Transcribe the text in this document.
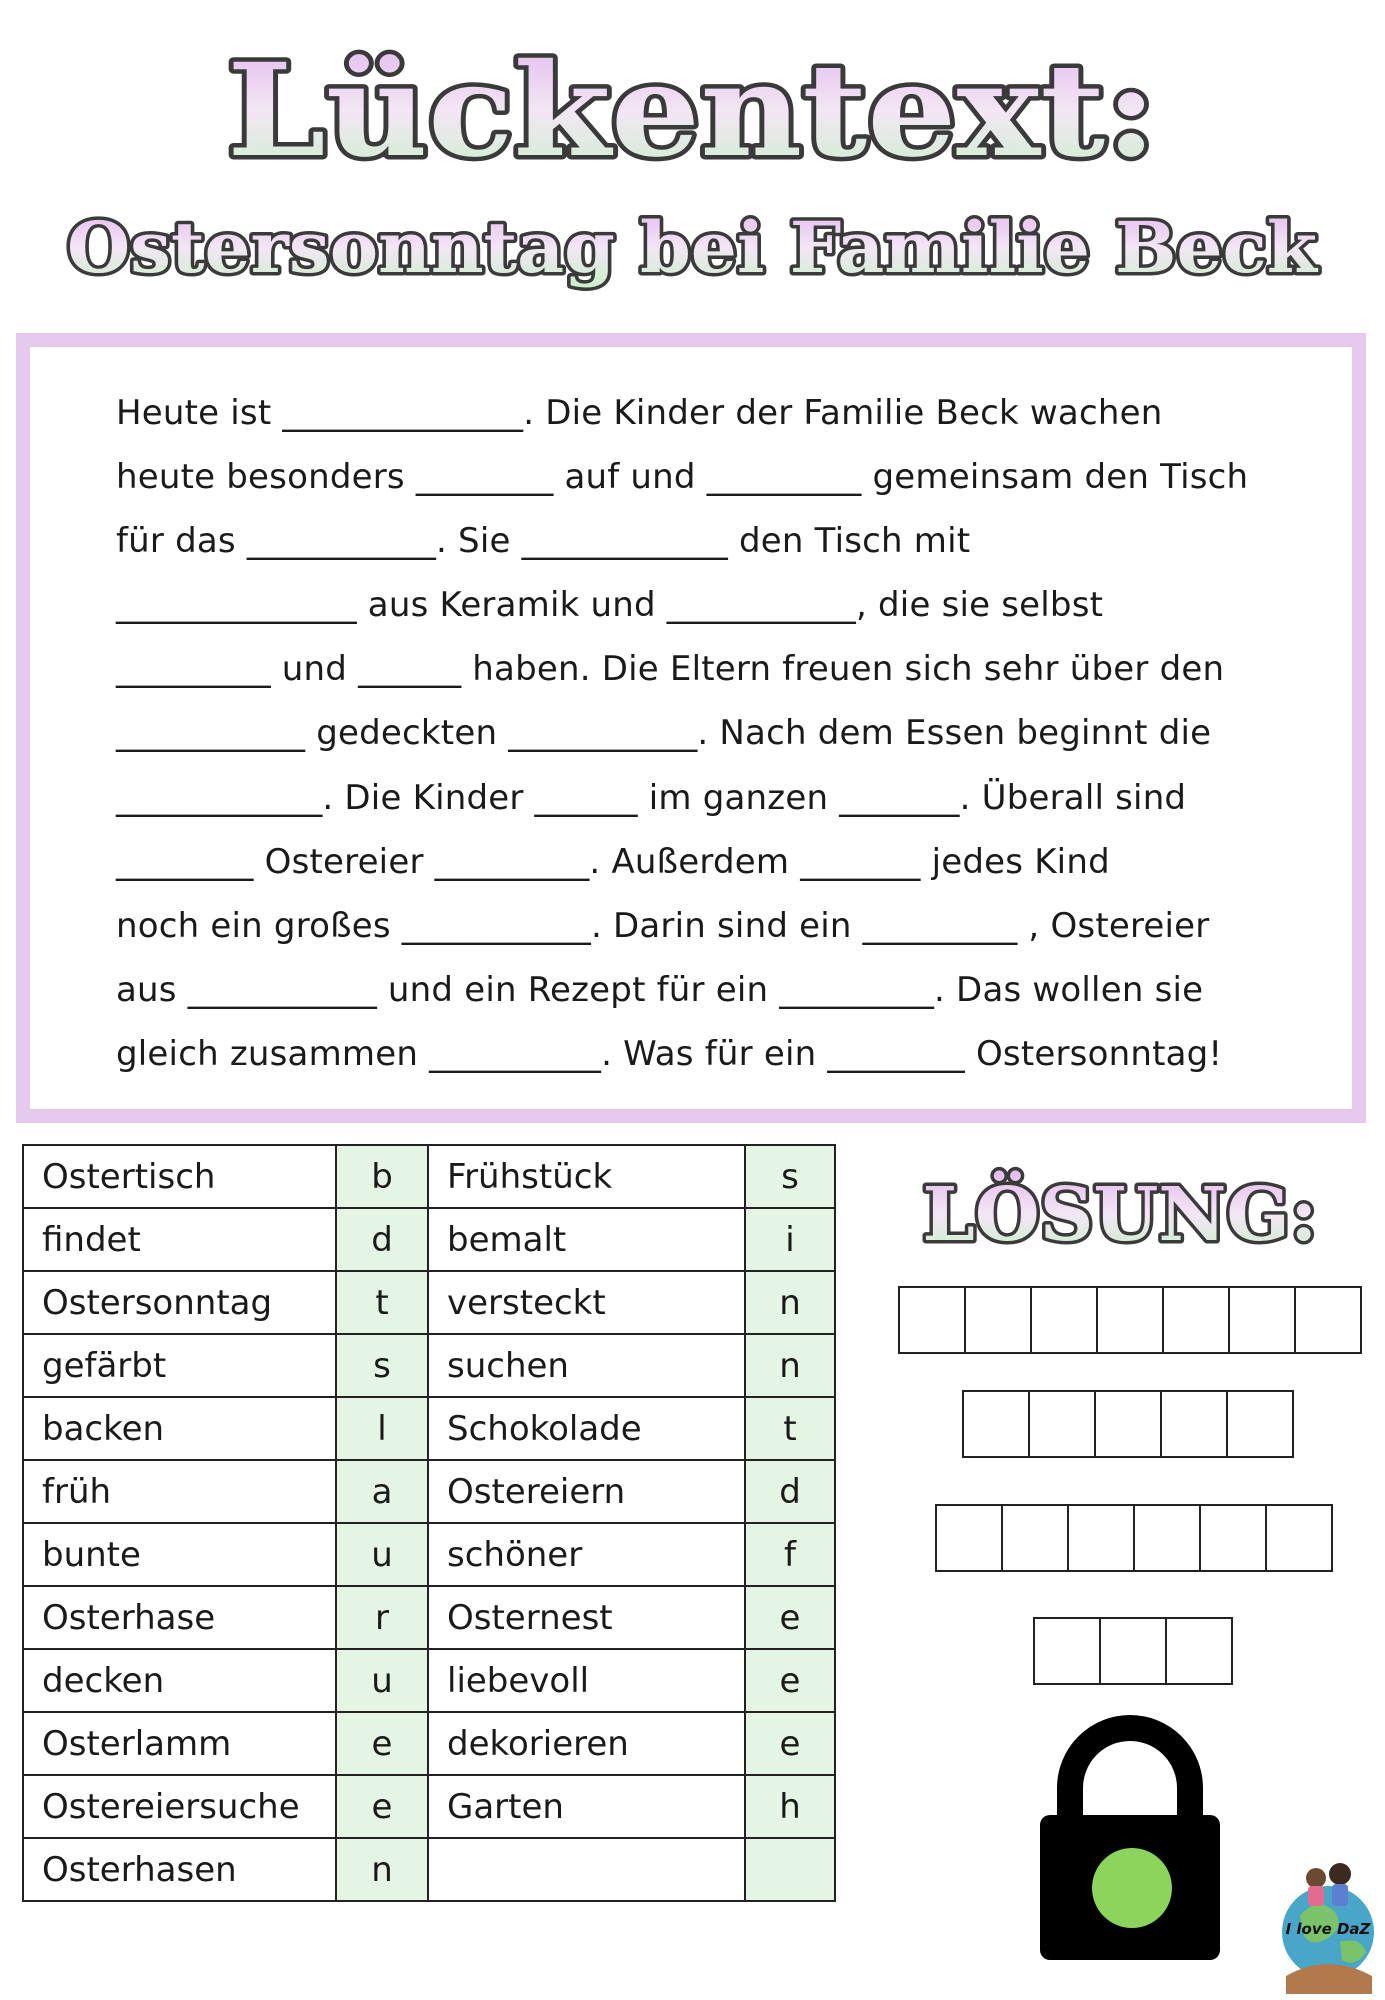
Lückentext:
Ostersonntag bei Familie Beck
Heute ist ______________. Die Kinder der Familie Beck wachen
heute besonders ________ auf und _________ gemeinsam den Tisch
für das ___________. Sie ____________ den Tisch mit
______________ aus Keramik und ___________, die sie selbst
_________ und ______ haben. Die Eltern freuen sich sehr über den
___________ gedeckten ___________. Nach dem Essen beginnt die
____________. Die Kinder ______ im ganzen _______. Überall sind
________ Ostereier _________. Außerdem _______ jedes Kind
noch ein großes ___________. Darin sind ein _________ , Ostereier
aus ___________ und ein Rezept für ein _________. Das wollen sie
gleich zusammen __________. Was für ein ________ Ostersonntag!
Ostertisch	b	Frühstück	s
findet	d	bemalt	i
Ostersonntag	t	versteckt	n
gefärbt	s	suchen	n
backen	l	Schokolade	t
früh	a	Ostereiern	d
bunte	u	schöner	f
Osterhase	r	Osternest	e
decken	u	liebevoll	e
Osterlamm	e	dekorieren	e
Ostereiersuche	e	Garten	h
Osterhasen	n		
LÖSUNG:
I love DaZ
